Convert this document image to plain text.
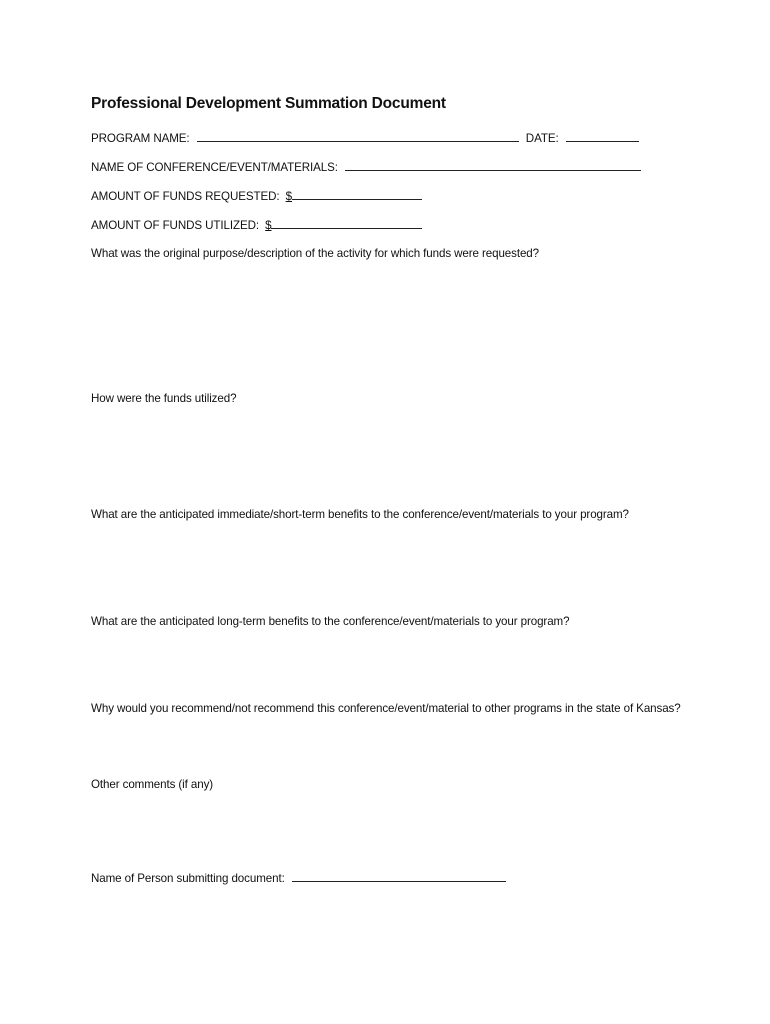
Professional Development Summation Document
PROGRAM NAME:	DATE:
NAME OF CONFERENCE/EVENT/MATERIALS:
AMOUNT OF FUNDS REQUESTED: $
AMOUNT OF FUNDS UTILIZED: $
What was the original purpose/description of the activity for which funds were requested?
How were the funds utilized?
What are the anticipated immediate/short-term benefits to the conference/event/materials to your program?
What are the anticipated long-term benefits to the conference/event/materials to your program?
Why would you recommend/not recommend this conference/event/material to other programs in the state of Kansas?
Other comments (if any)
Name of Person submitting document:
